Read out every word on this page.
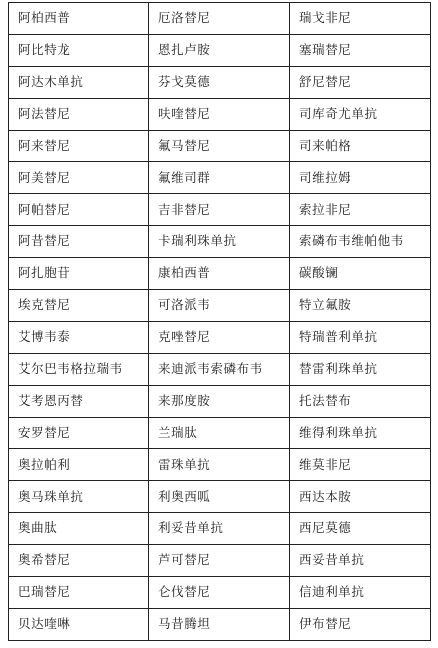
阿柏西普	厄洛替尼	瑞戈非尼
阿比特龙	恩扎卢胺	塞瑞替尼
阿达木单抗	芬戈莫德	舒尼替尼
阿法替尼	呋喹替尼	司库奇尤单抗
阿来替尼	氟马替尼	司来帕格
阿美替尼	氟维司群	司维拉姆
阿帕替尼	吉非替尼	索拉非尼
阿昔替尼	卡瑞利珠单抗	索磷布韦维帕他韦
阿扎胞苷	康柏西普	碳酸镧
埃克替尼	可洛派韦	特立氟胺
艾博韦泰	克唑替尼	特瑞普利单抗
艾尔巴韦格拉瑞韦	来迪派韦索磷布韦	替雷利珠单抗
艾考恩丙替	来那度胺	托法替布
安罗替尼	兰瑞肽	维得利珠单抗
奥拉帕利	雷珠单抗	维莫非尼
奥马珠单抗	利奥西呱	西达本胺
奥曲肽	利妥昔单抗	西尼莫德
奥希替尼	芦可替尼	西妥昔单抗
巴瑞替尼	仑伐替尼	信迪利单抗
贝达喹啉	马昔腾坦	伊布替尼
